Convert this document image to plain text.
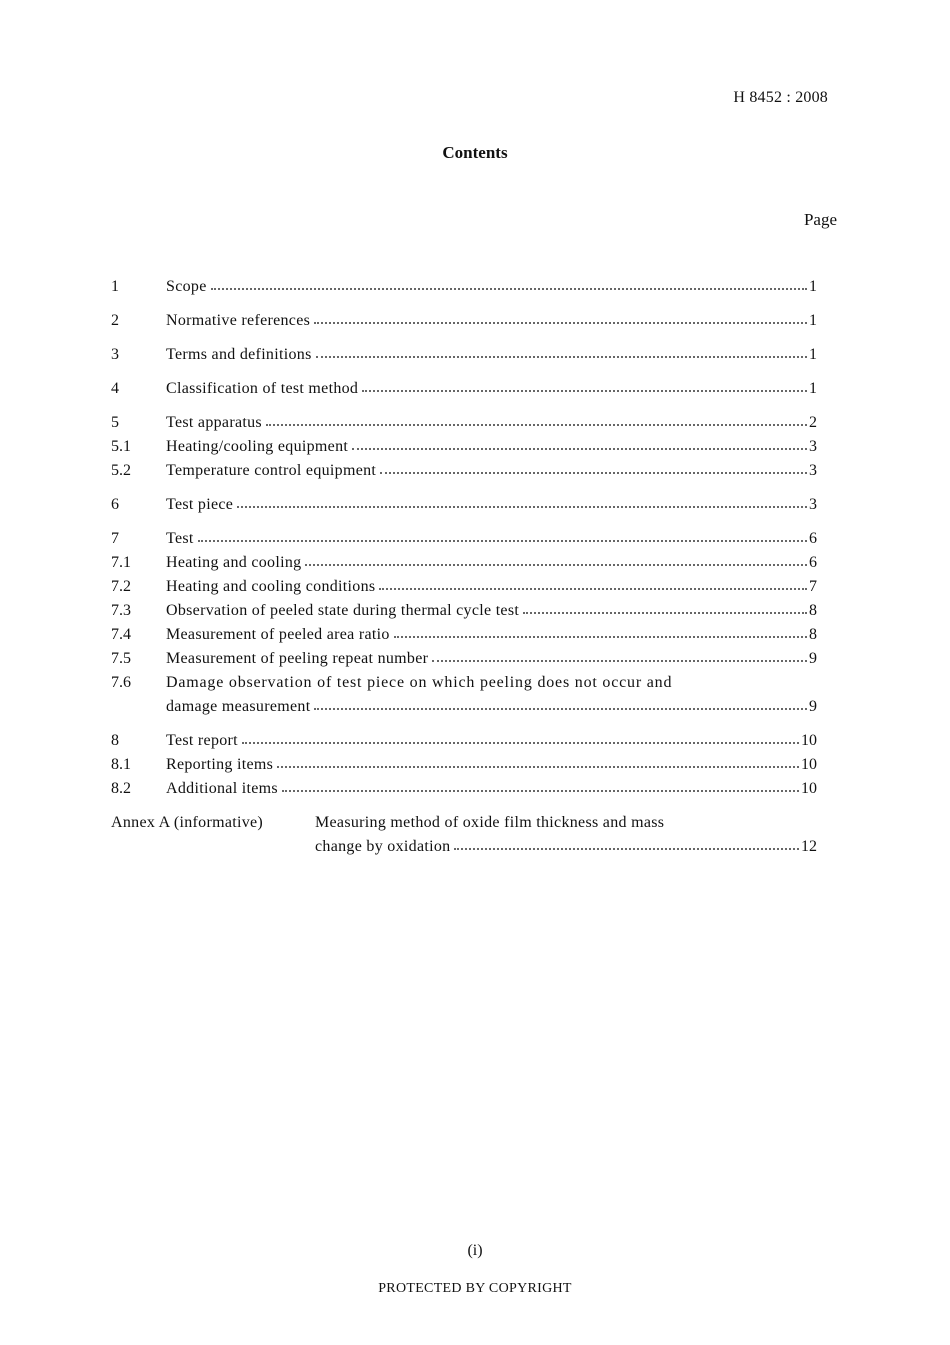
H 8452 : 2008
Contents
Page
1	Scope	1
2	Normative references	1
3	Terms and definitions	1
4	Classification of test method	1
5	Test apparatus	2
5.1 Heating/cooling equipment	3
5.2 Temperature control equipment	3
6	Test piece	3
7	Test	6
7.1 Heating and cooling	6
7.2 Heating and cooling conditions	7
7.3 Observation of peeled state during thermal cycle test	8
7.4 Measurement of peeled area ratio	8
7.5 Measurement of peeling repeat number	9
7.6 Damage observation of test piece on which peeling does not occur and
damage measurement	9
8	Test report	10
8.1 Reporting items	10
8.2 Additional items	10
Annex A (informative)	Measuring method of oxide film thickness and mass
change by oxidation	12
(i)
PROTECTED BY COPYRIGHT
